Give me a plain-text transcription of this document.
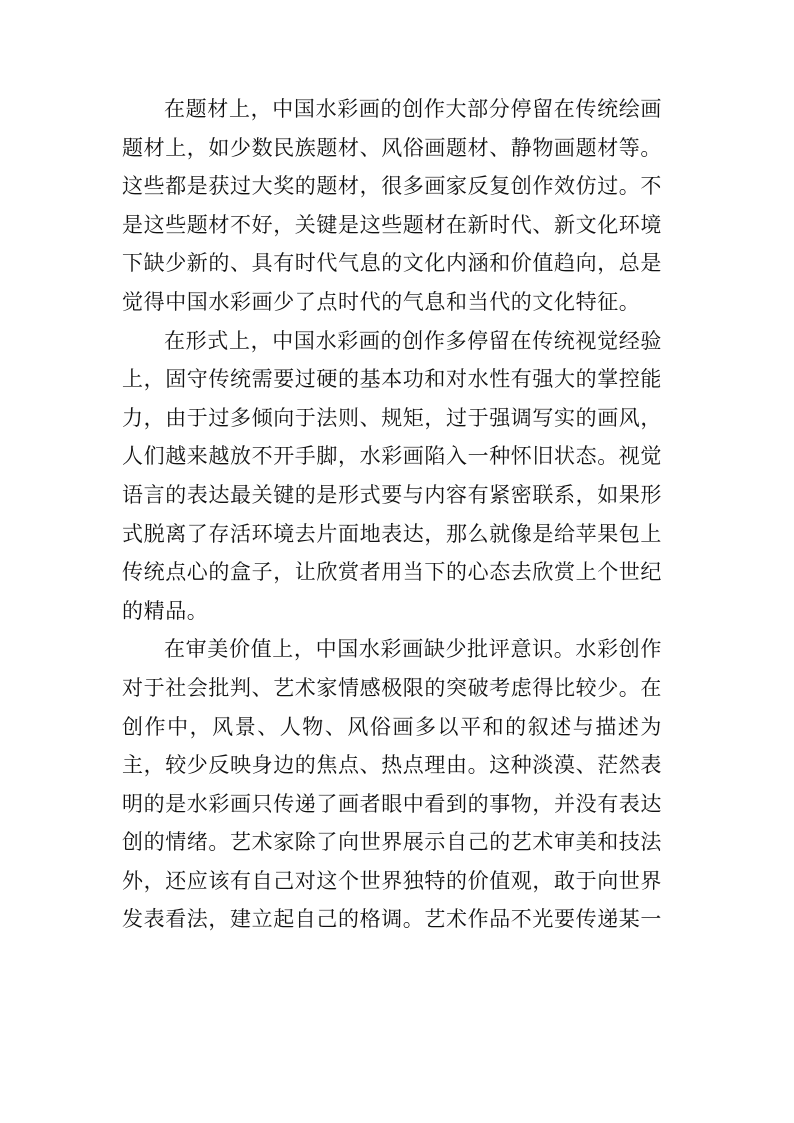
在题材上，中国水彩画的创作大部分停留在传统绘画题材上，如少数民族题材、风俗画题材、静物画题材等。这些都是获过大奖的题材，很多画家反复创作效仿过。不是这些题材不好，关键是这些题材在新时代、新文化环境下缺少新的、具有时代气息的文化内涵和价值趋向，总是觉得中国水彩画少了点时代的气息和当代的文化特征。

在形式上，中国水彩画的创作多停留在传统视觉经验上，固守传统需要过硬的基本功和对水性有强大的掌控能力，由于过多倾向于法则、规矩，过于强调写实的画风，人们越来越放不开手脚，水彩画陷入一种怀旧状态。视觉语言的表达最关键的是形式要与内容有紧密联系，如果形式脱离了存活环境去片面地表达，那么就像是给苹果包上传统点心的盒子，让欣赏者用当下的心态去欣赏上个世纪的精品。

在审美价值上，中国水彩画缺少批评意识。水彩创作对于社会批判、艺术家情感极限的突破考虑得比较少。在创作中，风景、人物、风俗画多以平和的叙述与描述为主，较少反映身边的焦点、热点理由。这种淡漠、茫然表明的是水彩画只传递了画者眼中看到的事物，并没有表达创的情绪。艺术家除了向世界展示自己的艺术审美和技法外，还应该有自己对这个世界独特的价值观，敢于向世界发表看法，建立起自己的格调。艺术作品不光要传递某一
